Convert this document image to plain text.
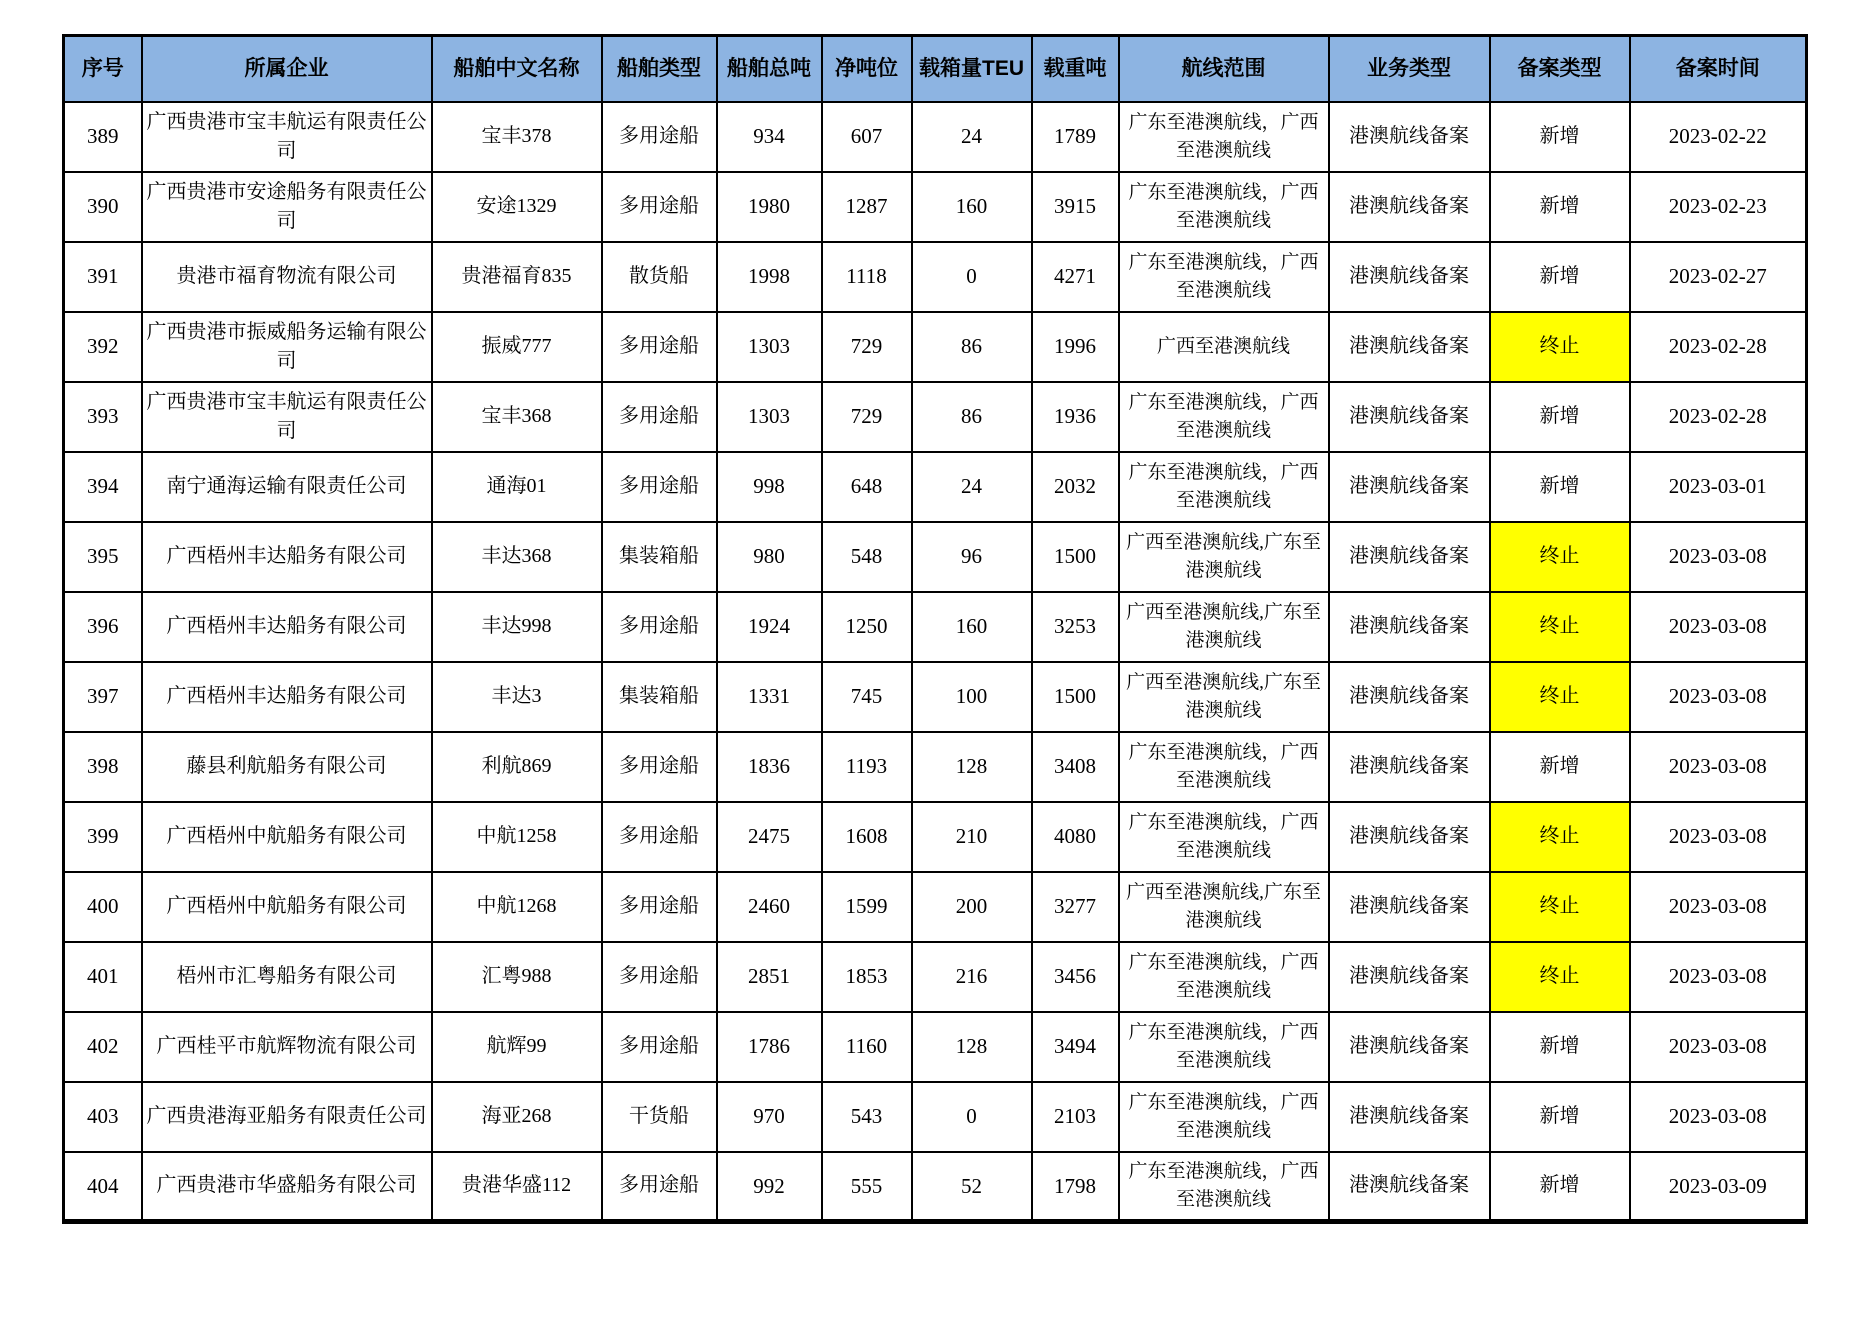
序号	所属企业	船舶中文名称	船舶类型	船舶总吨	净吨位	载箱量TEU	载重吨	航线范围	业务类型	备案类型	备案时间
389	广西贵港市宝丰航运有限责任公司	宝丰378	多用途船	934	607	24	1789	广东至港澳航线，广西至港澳航线	港澳航线备案	新增	2023-02-22
390	广西贵港市安途船务有限责任公司	安途1329	多用途船	1980	1287	160	3915	广东至港澳航线，广西至港澳航线	港澳航线备案	新增	2023-02-23
391	贵港市福育物流有限公司	贵港福育835	散货船	1998	1118	0	4271	广东至港澳航线，广西至港澳航线	港澳航线备案	新增	2023-02-27
392	广西贵港市振威船务运输有限公司	振威777	多用途船	1303	729	86	1996	广西至港澳航线	港澳航线备案	终止	2023-02-28
393	广西贵港市宝丰航运有限责任公司	宝丰368	多用途船	1303	729	86	1936	广东至港澳航线，广西至港澳航线	港澳航线备案	新增	2023-02-28
394	南宁通海运输有限责任公司	通海01	多用途船	998	648	24	2032	广东至港澳航线，广西至港澳航线	港澳航线备案	新增	2023-03-01
395	广西梧州丰达船务有限公司	丰达368	集装箱船	980	548	96	1500	广西至港澳航线,广东至港澳航线	港澳航线备案	终止	2023-03-08
396	广西梧州丰达船务有限公司	丰达998	多用途船	1924	1250	160	3253	广西至港澳航线,广东至港澳航线	港澳航线备案	终止	2023-03-08
397	广西梧州丰达船务有限公司	丰达3	集装箱船	1331	745	100	1500	广西至港澳航线,广东至港澳航线	港澳航线备案	终止	2023-03-08
398	藤县利航船务有限公司	利航869	多用途船	1836	1193	128	3408	广东至港澳航线，广西至港澳航线	港澳航线备案	新增	2023-03-08
399	广西梧州中航船务有限公司	中航1258	多用途船	2475	1608	210	4080	广东至港澳航线，广西至港澳航线	港澳航线备案	终止	2023-03-08
400	广西梧州中航船务有限公司	中航1268	多用途船	2460	1599	200	3277	广西至港澳航线,广东至港澳航线	港澳航线备案	终止	2023-03-08
401	梧州市汇粤船务有限公司	汇粤988	多用途船	2851	1853	216	3456	广东至港澳航线，广西至港澳航线	港澳航线备案	终止	2023-03-08
402	广西桂平市航辉物流有限公司	航辉99	多用途船	1786	1160	128	3494	广东至港澳航线，广西至港澳航线	港澳航线备案	新增	2023-03-08
403	广西贵港海亚船务有限责任公司	海亚268	干货船	970	543	0	2103	广东至港澳航线，广西至港澳航线	港澳航线备案	新增	2023-03-08
404	广西贵港市华盛船务有限公司	贵港华盛112	多用途船	992	555	52	1798	广东至港澳航线，广西至港澳航线	港澳航线备案	新增	2023-03-09
